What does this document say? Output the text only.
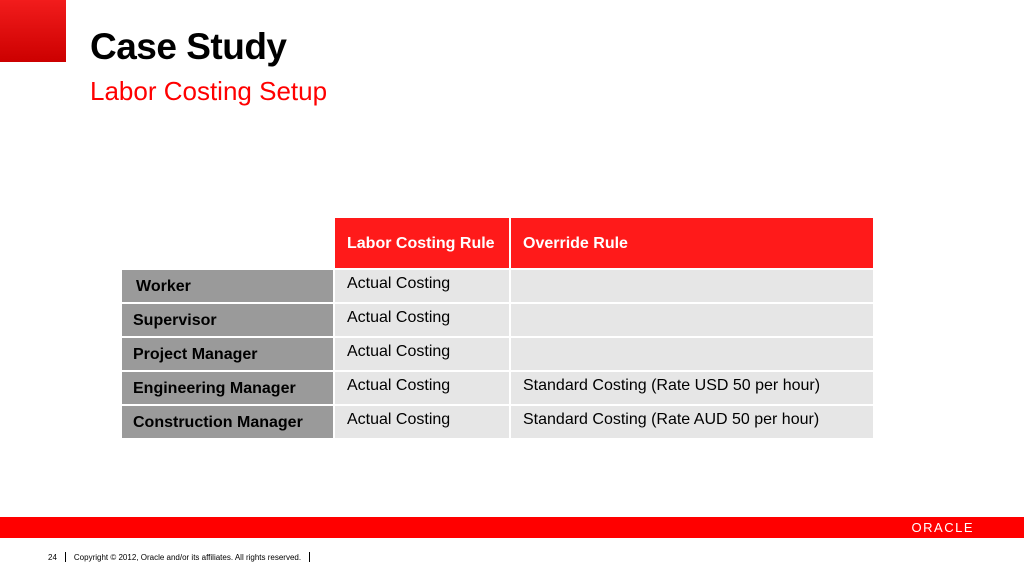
Case Study
Labor Costing Setup
	Labor Costing Rule	Override Rule
Worker	Actual Costing	
Supervisor	Actual Costing	
Project Manager	Actual Costing	
Engineering Manager	Actual Costing	Standard Costing (Rate USD 50 per hour)
Construction Manager	Actual Costing	Standard Costing (Rate AUD 50 per hour)
ORACLE
24 Copyright © 2012, Oracle and/or its affiliates. All rights reserved.
